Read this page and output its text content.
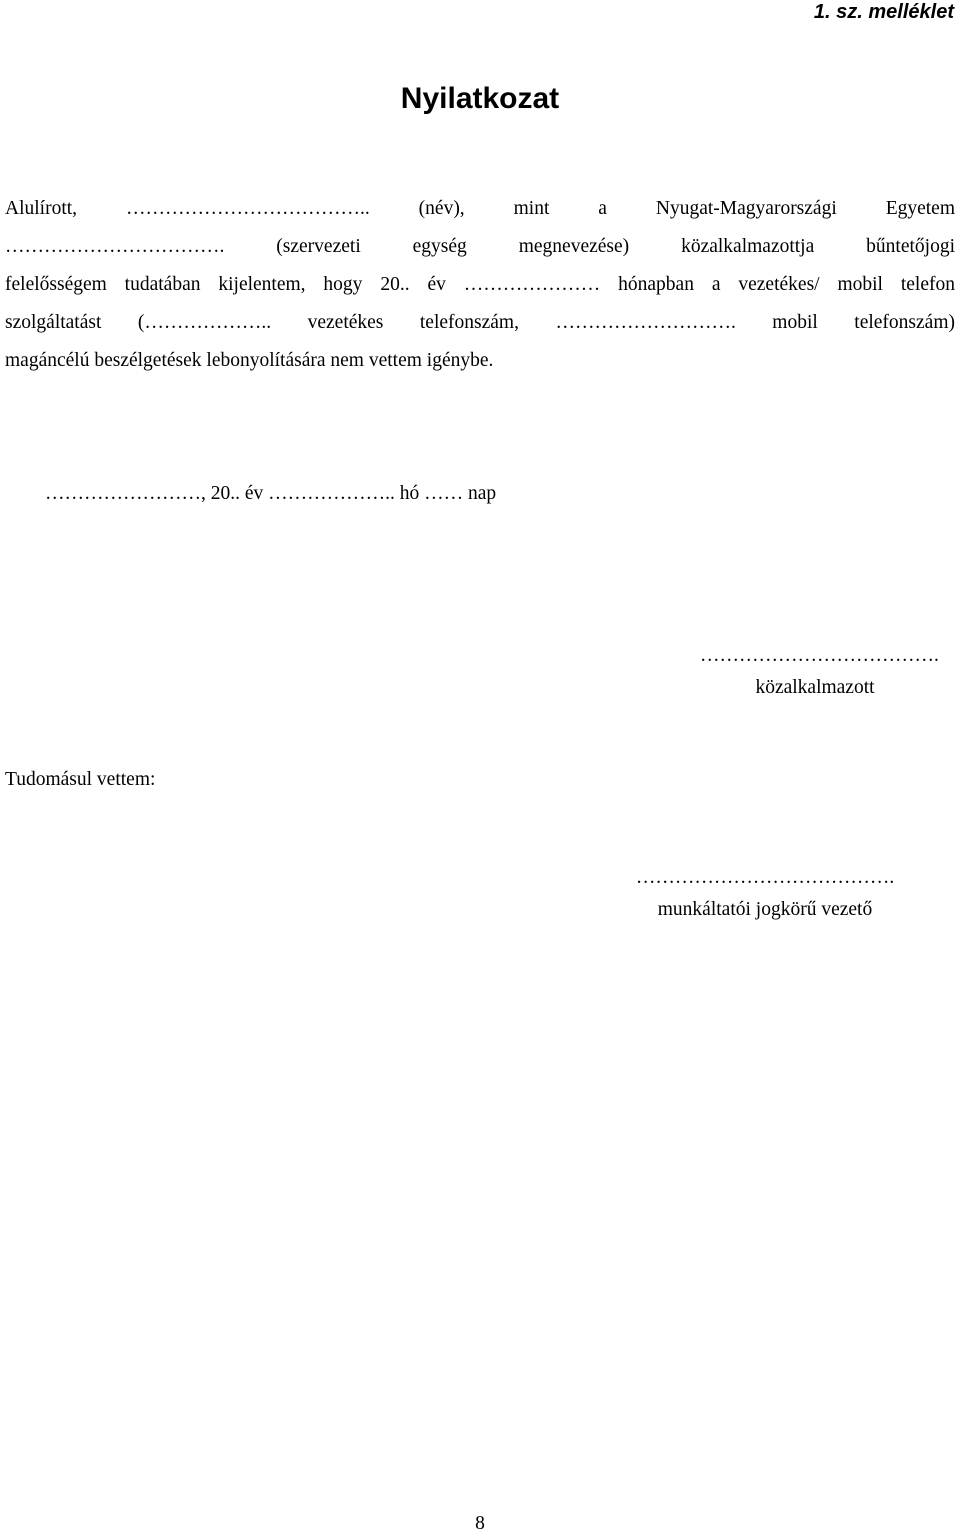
1. sz. melléklet
Nyilatkozat
Alulírott, ……………………………….. (név), mint a Nyugat-Magyarországi Egyetem
……………………………. (szervezeti egység megnevezése) közalkalmazottja bűntetőjogi
felelősségem tudatában kijelentem, hogy 20.. év ………………… hónapban a vezetékes/ mobil telefon
szolgáltatást (……………….. vezetékes telefonszám, ………………………. mobil telefonszám)
magáncélú beszélgetések lebonyolítására nem vettem igénybe.
……………………, 20.. év ……………….. hó …… nap
……………………………….
közalkalmazott
Tudomásul vettem:
………………………………….
munkáltatói jogkörű vezető
8
